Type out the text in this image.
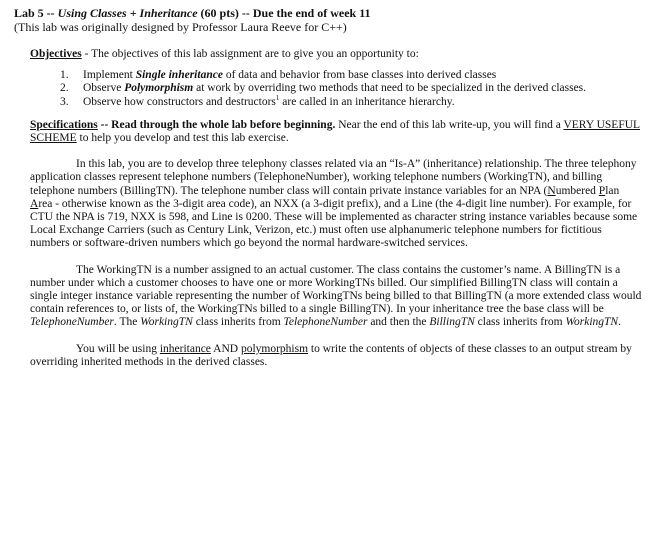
Lab 5 -- Using Classes + Inheritance (60 pts) -- Due the end of week 11
(This lab was originally designed by Professor Laura Reeve for C++)
Objectives - The objectives of this lab assignment are to give you an opportunity to:
1. Implement Single inheritance of data and behavior from base classes into derived classes
2. Observe Polymorphism at work by overriding two methods that need to be specialized in the derived classes.
3. Observe how constructors and destructors$^1$ are called in an inheritance hierarchy.
Specifications -- Read through the whole lab before beginning. Near the end of this lab write-up, you will find a VERY USEFUL SCHEME to help you develop and test this lab exercise.
In this lab, you are to develop three telephony classes related via an “Is-A” (inheritance) relationship. The three telephony application classes represent telephone numbers (TelephoneNumber), working telephone numbers (WorkingTN), and billing telephone numbers (BillingTN). The telephone number class will contain private instance variables for an NPA (Numbered Plan Area - otherwise known as the 3-digit area code), an NXX (a 3-digit prefix), and a Line (the 4-digit line number). For example, for CTU the NPA is 719, NXX is 598, and Line is 0200. These will be implemented as character string instance variables because some Local Exchange Carriers (such as Century Link, Verizon, etc.) must often use alphanumeric telephone numbers for fictitious numbers or software-driven numbers which go beyond the normal hardware-switched services.
The WorkingTN is a number assigned to an actual customer. The class contains the customer’s name. A BillingTN is a number under which a customer chooses to have one or more WorkingTNs billed. Our simplified BillingTN class will contain a single integer instance variable representing the number of WorkingTNs being billed to that BillingTN (a more extended class would contain references to, or lists of, the WorkingTNs billed to a single BillingTN). In your inheritance tree the base class will be TelephoneNumber. The WorkingTN class inherits from TelephoneNumber and then the BillingTN class inherits from WorkingTN.
You will be using inheritance AND polymorphism to write the contents of objects of these classes to an output stream by overriding inherited methods in the derived classes.
